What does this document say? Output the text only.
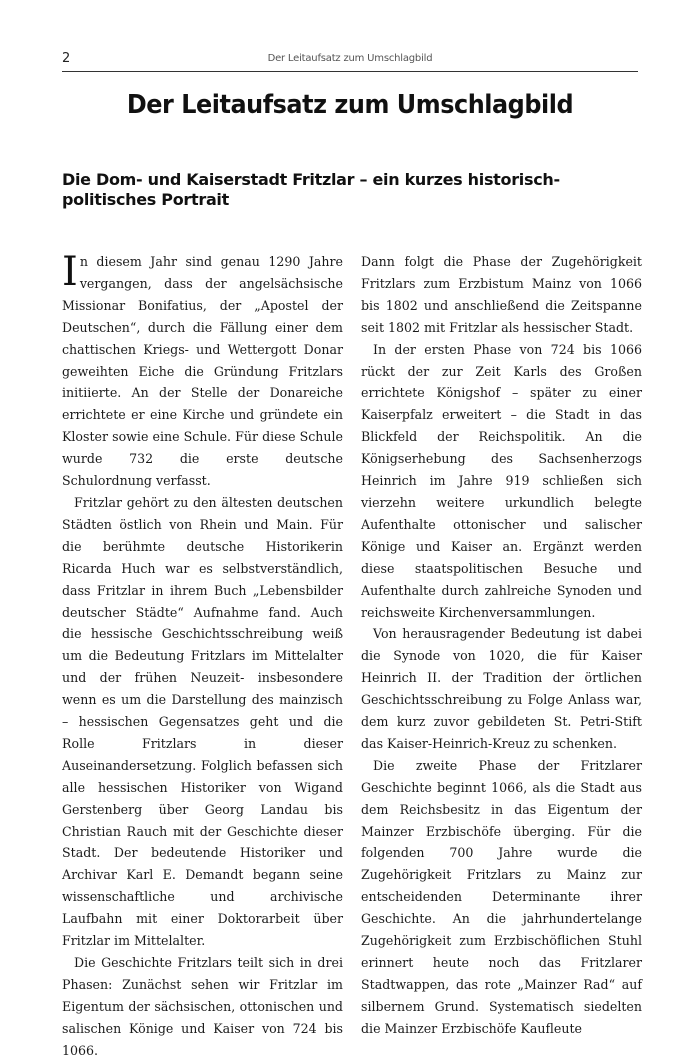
2	Der Leitaufsatz zum Umschlagbild
Der Leitaufsatz zum Umschlagbild
Die Dom- und Kaiserstadt Fritzlar – ein kurzes historisch-politisches Portrait

In diesem Jahr sind genau 1290 Jahre vergangen, dass der angelsächsische Missionar Bonifatius, der „Apostel der Deutschen“, durch die Fällung einer dem chattischen Kriegs- und Wettergott Donar geweihten Eiche die Gründung Fritzlars initiierte. An der Stelle der Donareiche errichtete er eine Kirche und gründete ein Kloster sowie eine Schule. Für diese Schule wurde 732 die erste deutsche Schulordnung verfasst.

Fritzlar gehört zu den ältesten deutschen Städten östlich von Rhein und Main. Für die berühmte deutsche Historikerin Ricarda Huch war es selbstverständlich, dass Fritzlar in ihrem Buch „Lebensbilder deutscher Städte“ Aufnahme fand. Auch die hessische Geschichtsschreibung weiß um die Bedeutung Fritzlars im Mittelalter und der frühen Neuzeit- insbesondere wenn es um die Darstellung des mainzisch – hessischen Gegensatzes geht und die Rolle Fritzlars in dieser Auseinandersetzung. Folglich befassen sich alle hessischen Historiker von Wigand Gerstenberg über Georg Landau bis Christian Rauch mit der Geschichte dieser Stadt. Der bedeutende Historiker und Archivar Karl E. Demandt begann seine wissenschaftliche und archivische Laufbahn mit einer Doktorarbeit über Fritzlar im Mittelalter.

Die Geschichte Fritzlars teilt sich in drei Phasen: Zunächst sehen wir Fritzlar im Eigentum der sächsischen, ottonischen und salischen Könige und Kaiser von 724 bis 1066.

Dann folgt die Phase der Zugehörigkeit Fritzlars zum Erzbistum Mainz von 1066 bis 1802 und anschließend die Zeitspanne seit 1802 mit Fritzlar als hessischer Stadt.

In der ersten Phase von 724 bis 1066 rückt der zur Zeit Karls des Großen errichtete Königshof – später zu einer Kaiserpfalz erweitert – die Stadt in das Blickfeld der Reichspolitik. An die Königserhebung des Sachsenherzogs Heinrich im Jahre 919 schließen sich vierzehn weitere urkundlich belegte Aufenthalte ottonischer und salischer Könige und Kaiser an. Ergänzt werden diese staatspolitischen Besuche und Aufenthalte durch zahlreiche Synoden und reichsweite Kirchenversammlungen.

Von herausragender Bedeutung ist dabei die Synode von 1020, die für Kaiser Heinrich II. der Tradition der örtlichen Geschichtsschreibung zu Folge Anlass war, dem kurz zuvor gebildeten St. Petri-Stift das Kaiser-Heinrich-Kreuz zu schenken.

Die zweite Phase der Fritzlarer Geschichte beginnt 1066, als die Stadt aus dem Reichsbesitz in das Eigentum der Mainzer Erzbischöfe überging. Für die folgenden 700 Jahre wurde die Zugehörigkeit Fritzlars zu Mainz zur entscheidenden Determinante ihrer Geschichte. An die jahrhundertelange Zugehörigkeit zum Erzbischöflichen Stuhl erinnert heute noch das Fritzlarer Stadtwappen, das rote „Mainzer Rad“ auf silbernem Grund. Systematisch siedelten die Mainzer Erzbischöfe Kaufleute
